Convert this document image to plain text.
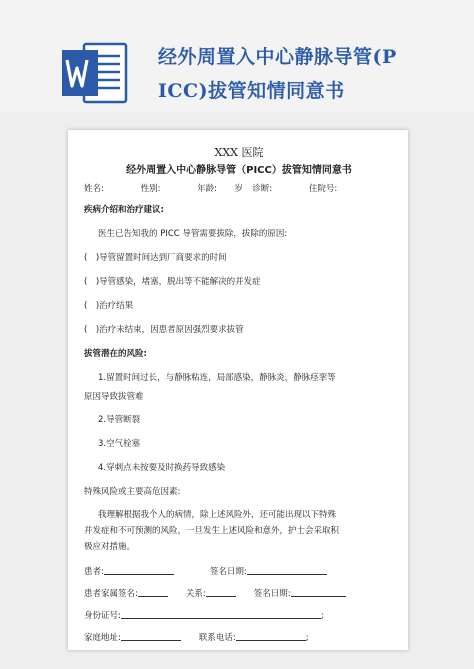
经外周置入中心静脉导管(P
ICC)拔管知情同意书
XXX 医院
经外周置入中心静脉导管（PICC）拔管知情同意书
姓名:	性别:	年龄: 岁 诊断:	住院号:
疾病介绍和治疗建议:
医生已告知我的 PICC 导管需要拔除，拔除的原因:
(　)导管留置时间达到厂商要求的时间
(　)导管感染，堵塞，脱出等不能解决的并发症
(　)治疗结果
(　)治疗未结束，因患者原因强烈要求拔管
拔管潜在的风险:
1.留置时间过长，与静脉粘连，局部感染，静脉炎，静脉痉挛等
原因导致拔管难
2.导管断裂
3.空气栓塞
4.穿刺点未按要及时换药导致感染
特殊风险或主要高危因素:
我理解根据我个人的病情，除上述风险外，还可能出现以下特殊
并发症和不可预测的风险，一旦发生上述风险和意外，护士会采取积
极应对措施。
患者:	签名日期:
患者家属签名:	关系:	签名日期:
身份证号:	;
家庭地址:	联系电话:	;
